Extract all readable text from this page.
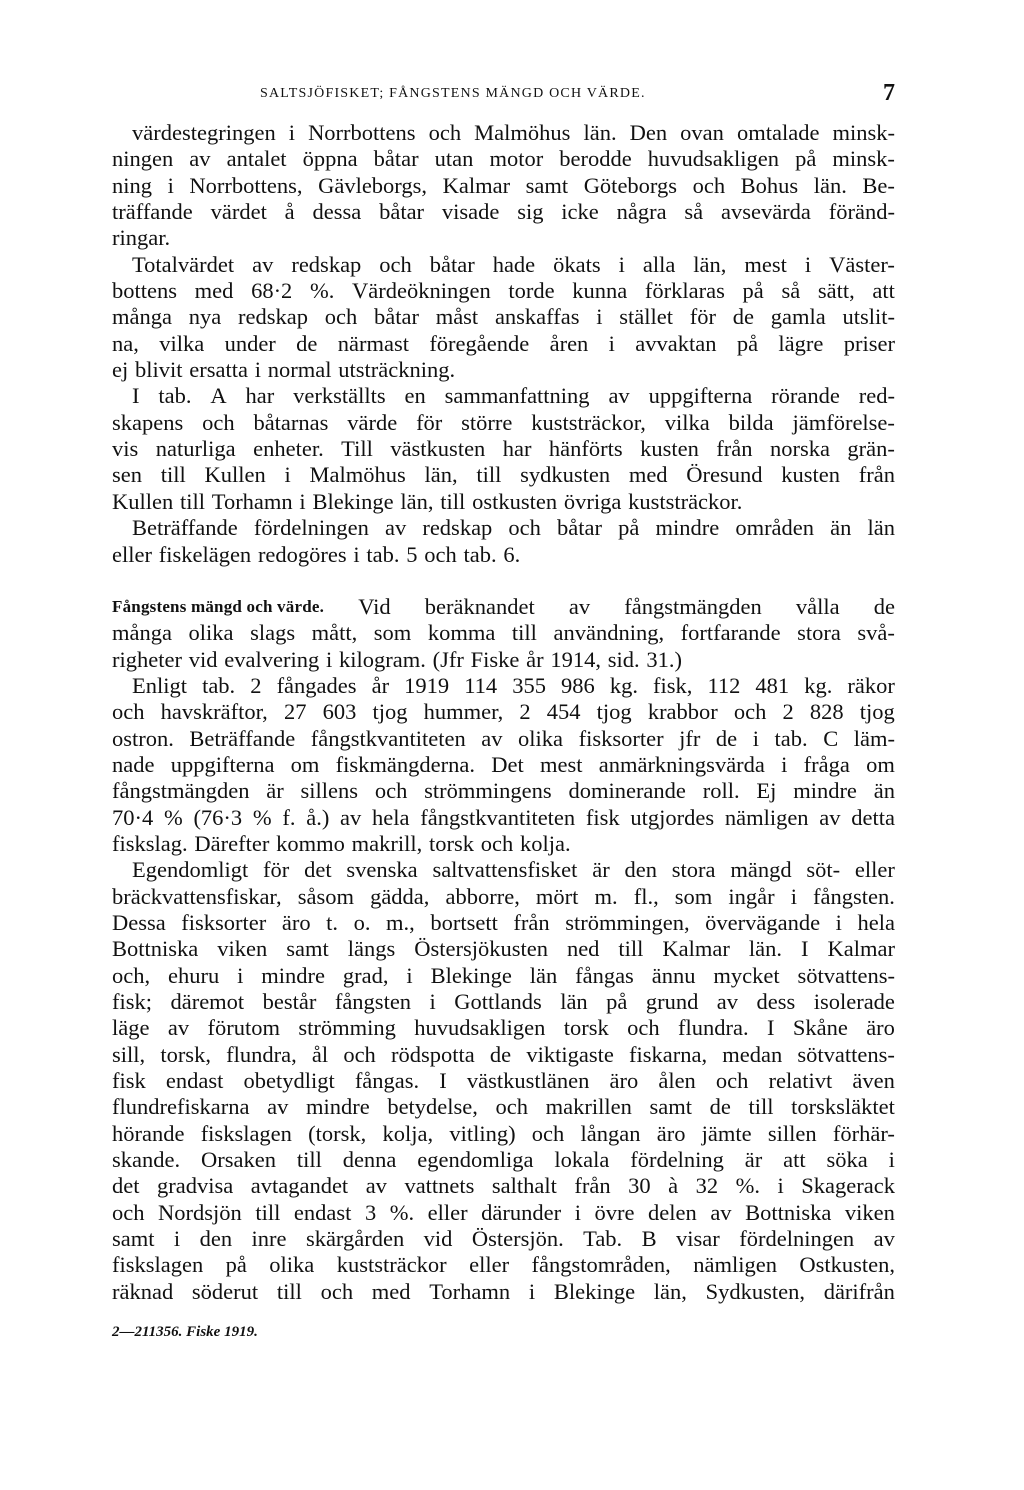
SALTSJÖFISKET; FÅNGSTENS MÄNGD OCH VÄRDE.	7
värdestegringen i Norrbottens och Malmöhus län. Den ovan omtalade minsk-
ningen av antalet öppna båtar utan motor berodde huvudsakligen på minsk-
ning i Norrbottens, Gävleborgs, Kalmar samt Göteborgs och Bohus län. Be-
träffande värdet å dessa båtar visade sig icke några så avsevärda föränd-
ringar.
Totalvärdet av redskap och båtar hade ökats i alla län, mest i Väster-
bottens med 68·2 %. Värdeökningen torde kunna förklaras på så sätt, att
många nya redskap och båtar måst anskaffas i stället för de gamla utslit-
na, vilka under de närmast föregående åren i avvaktan på lägre priser
ej blivit ersatta i normal utsträckning.
I tab. A har verkställts en sammanfattning av uppgifterna rörande red-
skapens och båtarnas värde för större kuststräckor, vilka bilda jämförelse-
vis naturliga enheter. Till västkusten har hänförts kusten från norska grän-
sen till Kullen i Malmöhus län, till sydkusten med Öresund kusten från
Kullen till Torhamn i Blekinge län, till ostkusten övriga kuststräckor.
Beträffande fördelningen av redskap och båtar på mindre områden än län
eller fiskelägen redogöres i tab. 5 och tab. 6.
Fångstens mängd och värde. Vid beräknandet av fångstmängden vålla de
många olika slags mått, som komma till användning, fortfarande stora svå-
righeter vid evalvering i kilogram. (Jfr Fiske år 1914, sid. 31.)
Enligt tab. 2 fångades år 1919 114 355 986 kg. fisk, 112 481 kg. räkor
och havskräftor, 27 603 tjog hummer, 2 454 tjog krabbor och 2 828 tjog
ostron. Beträffande fångstkvantiteten av olika fisksorter jfr de i tab. C läm-
nade uppgifterna om fiskmängderna. Det mest anmärkningsvärda i fråga om
fångstmängden är sillens och strömmingens dominerande roll. Ej mindre än
70·4 % (76·3 % f. å.) av hela fångstkvantiteten fisk utgjordes nämligen av detta
fiskslag. Därefter kommo makrill, torsk och kolja.
Egendomligt för det svenska saltvattensfisket är den stora mängd söt- eller
bräckvattensfiskar, såsom gädda, abborre, mört m. fl., som ingår i fångsten.
Dessa fisksorter äro t. o. m., bortsett från strömmingen, övervägande i hela
Bottniska viken samt längs Östersjökusten ned till Kalmar län. I Kalmar
och, ehuru i mindre grad, i Blekinge län fångas ännu mycket sötvattens-
fisk; däremot består fångsten i Gottlands län på grund av dess isolerade
läge av förutom strömming huvudsakligen torsk och flundra. I Skåne äro
sill, torsk, flundra, ål och rödspotta de viktigaste fiskarna, medan sötvattens-
fisk endast obetydligt fångas. I västkustlänen äro ålen och relativt även
flundrefiskarna av mindre betydelse, och makrillen samt de till torsksläktet
hörande fiskslagen (torsk, kolja, vitling) och långan äro jämte sillen förhär-
skande. Orsaken till denna egendomliga lokala fördelning är att söka i
det gradvisa avtagandet av vattnets salthalt från 30 à 32 %. i Skagerack
och Nordsjön till endast 3 %. eller därunder i övre delen av Bottniska viken
samt i den inre skärgården vid Östersjön. Tab. B visar fördelningen av
fiskslagen på olika kuststräckor eller fångstområden, nämligen Ostkusten,
räknad söderut till och med Torhamn i Blekinge län, Sydkusten, därifrån
2—211356. Fiske 1919.
